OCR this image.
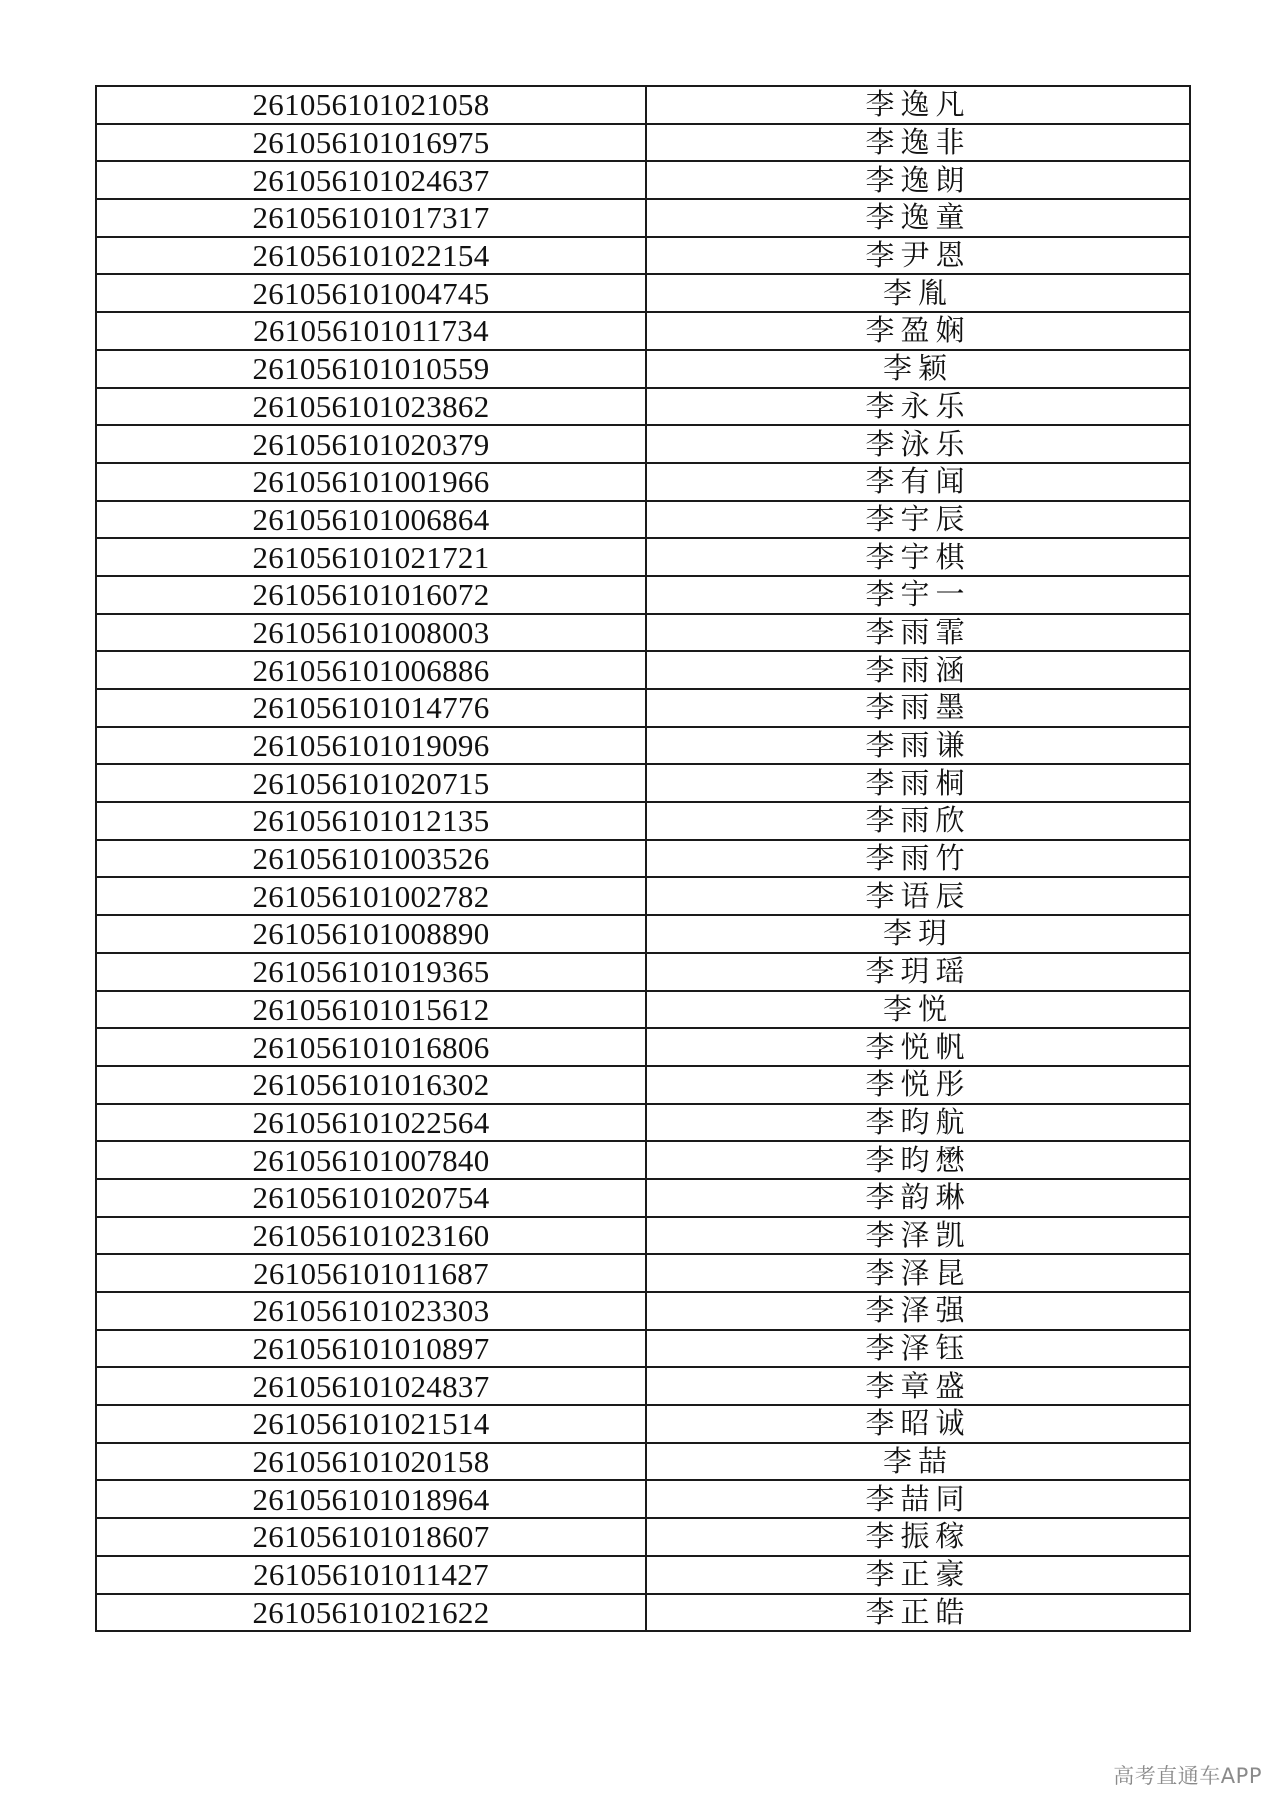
261056101021058	李逸凡
261056101016975	李逸非
261056101024637	李逸朗
261056101017317	李逸童
261056101022154	李尹恩
261056101004745	李胤
261056101011734	李盈娴
261056101010559	李颖
261056101023862	李永乐
261056101020379	李泳乐
261056101001966	李有闻
261056101006864	李宇辰
261056101021721	李宇棋
261056101016072	李宇一
261056101008003	李雨霏
261056101006886	李雨涵
261056101014776	李雨墨
261056101019096	李雨谦
261056101020715	李雨桐
261056101012135	李雨欣
261056101003526	李雨竹
261056101002782	李语辰
261056101008890	李玥
261056101019365	李玥瑶
261056101015612	李悦
261056101016806	李悦帆
261056101016302	李悦彤
261056101022564	李昀航
261056101007840	李昀懋
261056101020754	李韵琳
261056101023160	李泽凯
261056101011687	李泽昆
261056101023303	李泽强
261056101010897	李泽钰
261056101024837	李章盛
261056101021514	李昭诚
261056101020158	李喆
261056101018964	李喆同
261056101018607	李振稼
261056101011427	李正豪
261056101021622	李正皓
高考直通车APP
